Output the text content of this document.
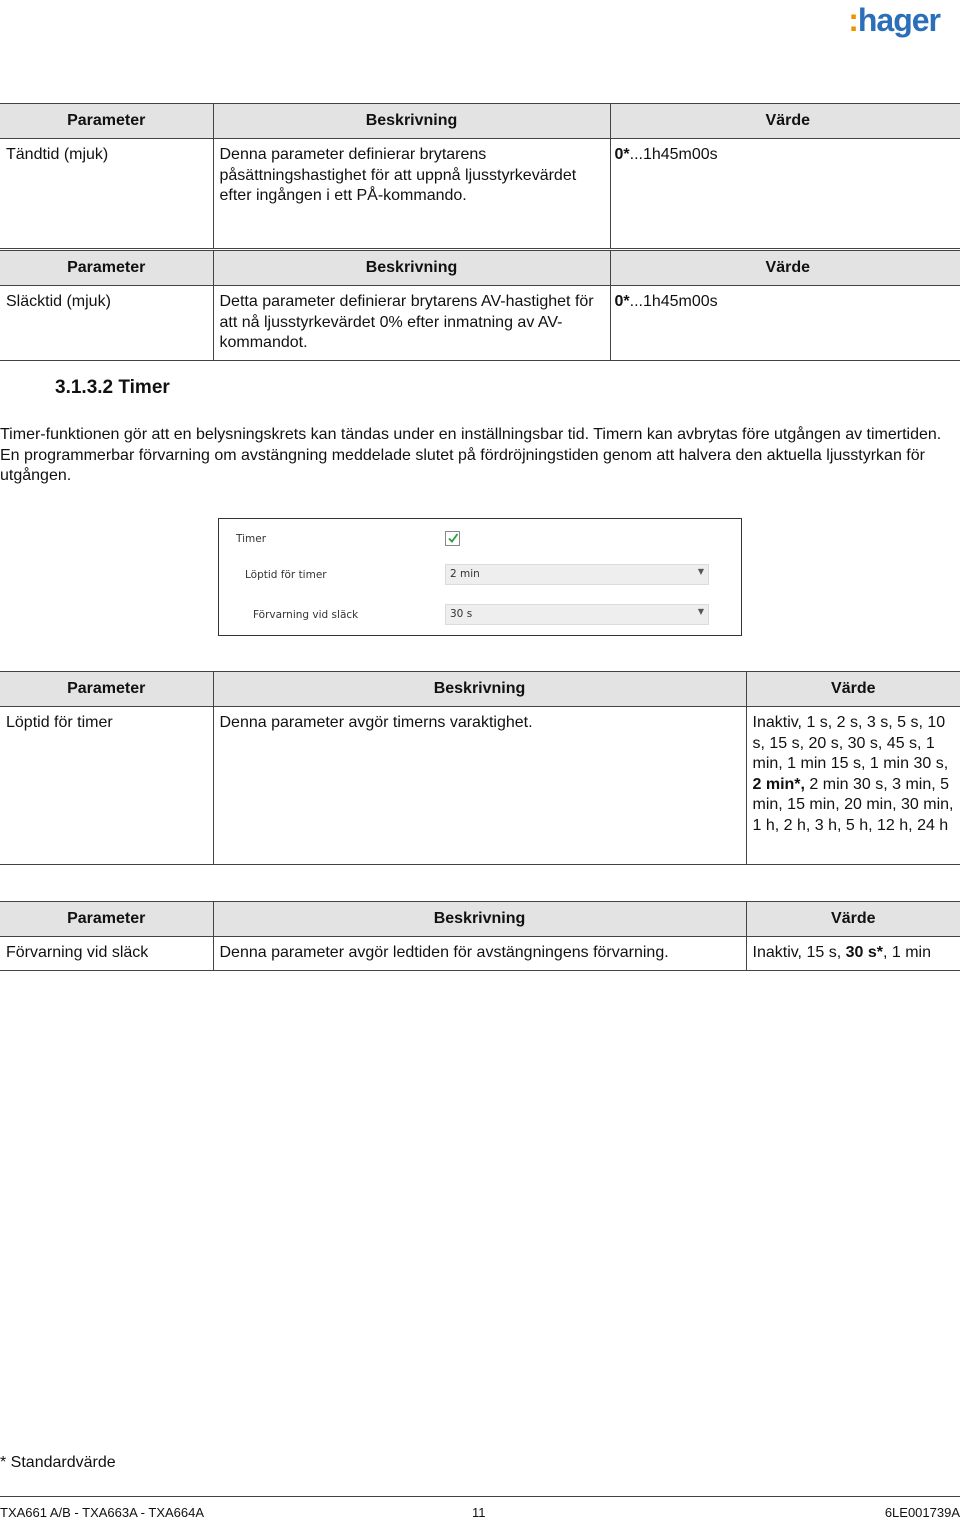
:hager
Parameter	Beskrivning	Värde
Tändtid (mjuk)	Denna parameter definierar brytarens påsättningshastighet för att uppnå ljusstyrkevärdet efter ingången i ett PÅ-kommando.	0*...1h45m00s
Parameter	Beskrivning	Värde
Släcktid (mjuk)	Detta parameter definierar brytarens AV-hastighet för att nå ljusstyrkevärdet 0% efter inmatning av AV-kommandot.	0*...1h45m00s
3.1.3.2 Timer

Timer-funktionen gör att en belysningskrets kan tändas under en inställningsbar tid. Timern kan avbrytas före utgången av timertiden. En programmerbar förvarning om avstängning meddelade slutet på fördröjningstiden genom att halvera den aktuella ljusstyrkan för utgången.

Timer
Löptid för timer	2 min	▼
Förvarning vid släck	30 s	▼
Parameter	Beskrivning	Värde
Löptid för timer	Denna parameter avgör timerns varaktighet.	Inaktiv, 1 s, 2 s, 3 s, 5 s, 10 s, 15 s, 20 s, 30 s, 45 s, 1 min, 1 min 15 s, 1 min 30 s, 2 min*, 2 min 30 s, 3 min, 5 min, 15 min, 20 min, 30 min, 1 h, 2 h, 3 h, 5 h, 12 h, 24 h
Parameter	Beskrivning	Värde
Förvarning vid släck	Denna parameter avgör ledtiden för avstängningens förvarning.	Inaktiv, 15 s, 30 s*, 1 min
* Standardvärde
TXA661 A/B - TXA663A - TXA664A	11	6LE001739A
